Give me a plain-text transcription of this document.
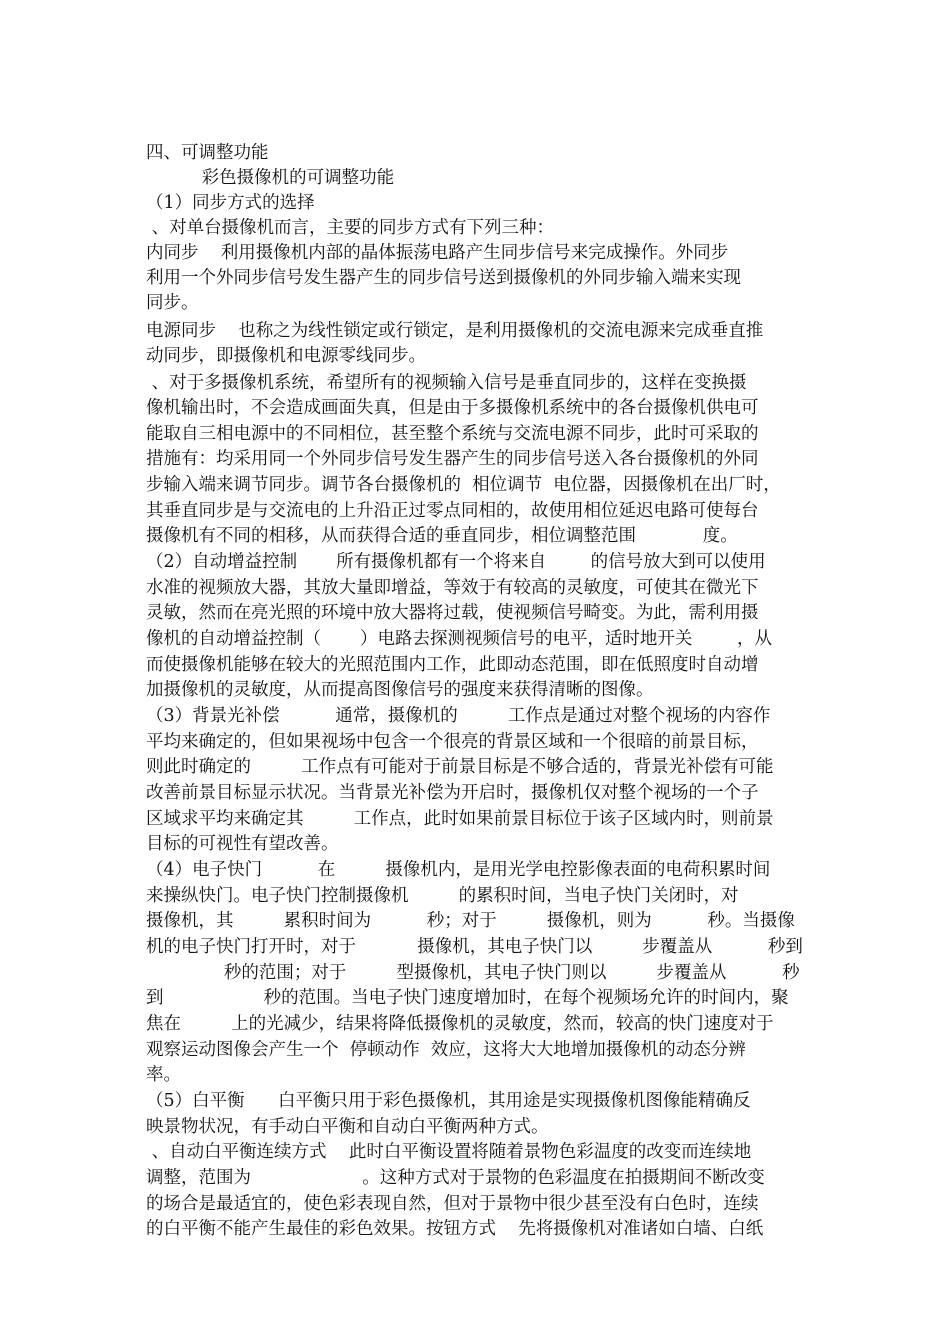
四、可调整功能
彩色摄像机的可调整功能
（1）同步方式的选择
、对单台摄像机而言，主要的同步方式有下列三种：
内同步    利用摄像机内部的晶体振荡电路产生同步信号来完成操作。外同步
利用一个外同步信号发生器产生的同步信号送到摄像机的外同步输入端来实现
同步。
电源同步    也称之为线性锁定或行锁定，是利用摄像机的交流电源来完成垂直推
动同步，即摄像机和电源零线同步。
、对于多摄像机系统，希望所有的视频输入信号是垂直同步的，这样在变换摄
像机输出时，不会造成画面失真，但是由于多摄像机系统中的各台摄像机供电可
能取自三相电源中的不同相位，甚至整个系统与交流电源不同步，此时可采取的
措施有：均采用同一个外同步信号发生器产生的同步信号送入各台摄像机的外同
步输入端来调节同步。调节各台摄像机的  相位调节  电位器，因摄像机在出厂时，
其垂直同步是与交流电的上升沿正过零点同相的，故使用相位延迟电路可使每台
摄像机有不同的相移，从而获得合适的垂直同步，相位调整范围            度。
（2）自动增益控制       所有摄像机都有一个将来自        的信号放大到可以使用
水准的视频放大器，其放大量即增益，等效于有较高的灵敏度，可使其在微光下
灵敏，然而在亮光照的环境中放大器将过载，使视频信号畸变。为此，需利用摄
像机的自动增益控制（       ）电路去探测视频信号的电平，适时地开关        ，从
而使摄像机能够在较大的光照范围内工作，此即动态范围，即在低照度时自动增
加摄像机的灵敏度，从而提高图像信号的强度来获得清晰的图像。
（3）背景光补偿          通常，摄像机的         工作点是通过对整个视场的内容作
平均来确定的，但如果视场中包含一个很亮的背景区域和一个很暗的前景目标，
则此时确定的         工作点有可能对于前景目标是不够合适的，背景光补偿有可能
改善前景目标显示状况。当背景光补偿为开启时，摄像机仅对整个视场的一个子
区域求平均来确定其         工作点，此时如果前景目标位于该子区域内时，则前景
目标的可视性有望改善。
（4）电子快门          在         摄像机内，是用光学电控影像表面的电荷积累时间
来操纵快门。电子快门控制摄像机         的累积时间，当电子快门关闭时，对
摄像机，其         累积时间为          秒；对于         摄像机，则为          秒。当摄像
机的电子快门打开时，对于           摄像机，其电子快门以         步覆盖从          秒到
秒的范围；对于         型摄像机，其电子快门则以         步覆盖从          秒
到                  秒的范围。当电子快门速度增加时，在每个视频场允许的时间内，聚
焦在         上的光减少，结果将降低摄像机的灵敏度，然而，较高的快门速度对于
观察运动图像会产生一个  停顿动作  效应，这将大大地增加摄像机的动态分辨
率。
（5）白平衡      白平衡只用于彩色摄像机，其用途是实现摄像机图像能精确反
映景物状况，有手动白平衡和自动白平衡两种方式。
、自动白平衡连续方式    此时白平衡设置将随着景物色彩温度的改变而连续地
调整，范围为                    。这种方式对于景物的色彩温度在拍摄期间不断改变
的场合是最适宜的，使色彩表现自然，但对于景物中很少甚至没有白色时，连续
的白平衡不能产生最佳的彩色效果。按钮方式    先将摄像机对准诸如白墙、白纸
